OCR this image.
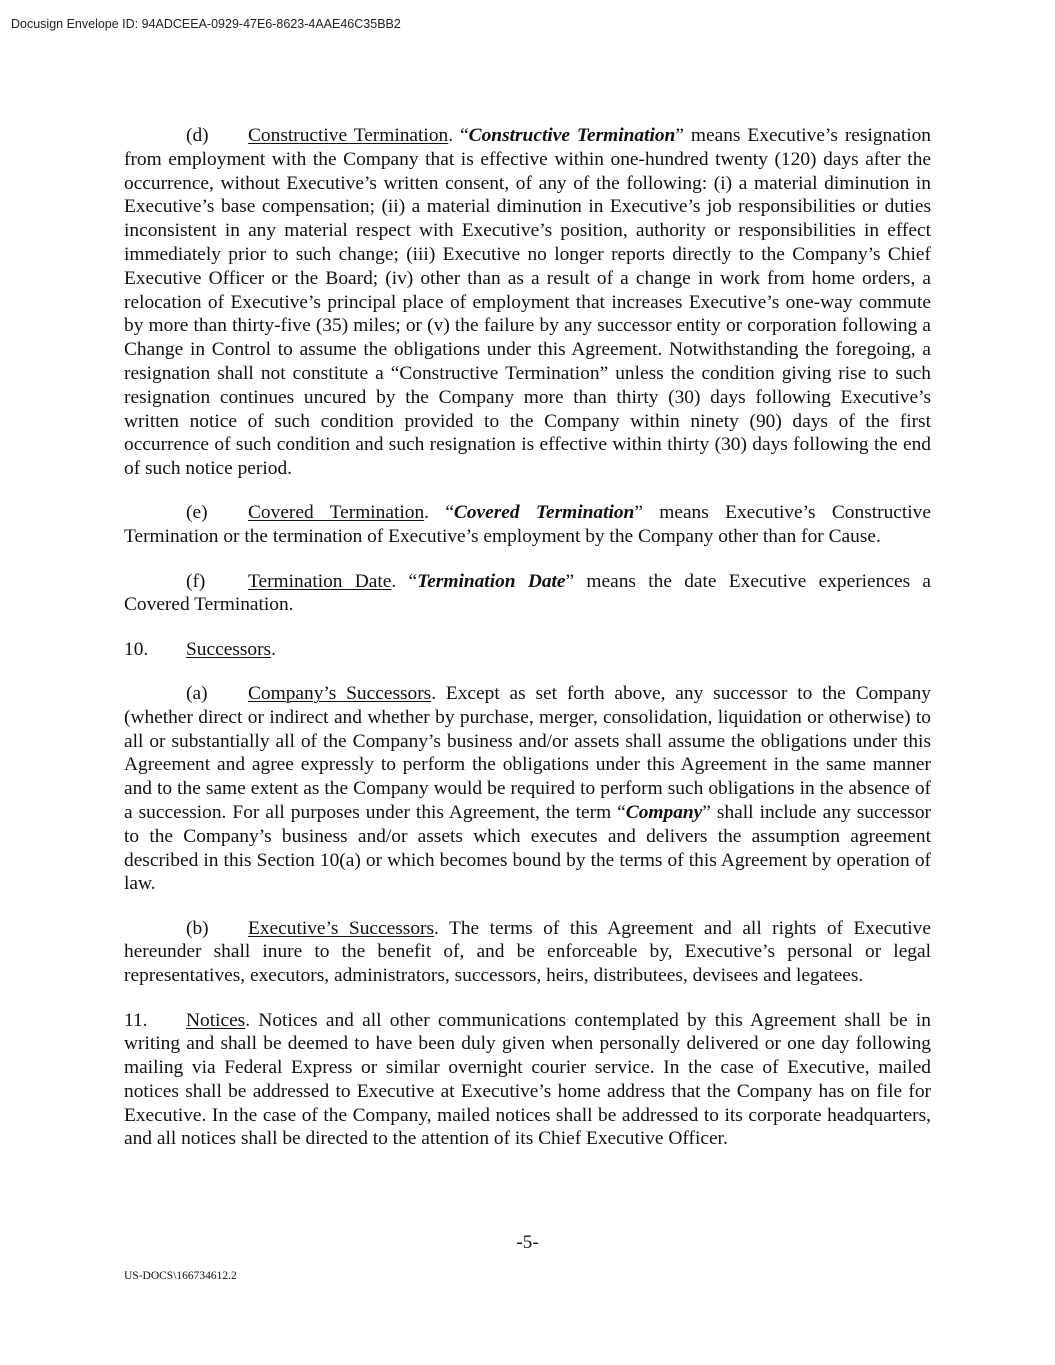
Docusign Envelope ID: 94ADCEEA-0929-47E6-8623-4AAE46C35BB2

(d) Constructive Termination. “Constructive Termination” means Executive’s resignation from employment with the Company that is effective within one-hundred twenty (120) days after the occurrence, without Executive’s written consent, of any of the following: (i) a material diminution in Executive’s base compensation; (ii) a material diminution in Executive’s job responsibilities or duties inconsistent in any material respect with Executive’s position, authority or responsibilities in effect immediately prior to such change; (iii) Executive no longer reports directly to the Company’s Chief Executive Officer or the Board; (iv) other than as a result of a change in work from home orders, a relocation of Executive’s principal place of employment that increases Executive’s one-way commute by more than thirty-five (35) miles; or (v) the failure by any successor entity or corporation following a Change in Control to assume the obligations under this Agreement. Notwithstanding the foregoing, a resignation shall not constitute a “Constructive Termination” unless the condition giving rise to such resignation continues uncured by the Company more than thirty (30) days following Executive’s written notice of such condition provided to the Company within ninety (90) days of the first occurrence of such condition and such resignation is effective within thirty (30) days following the end of such notice period.

(e) Covered Termination. “Covered Termination” means Executive’s Constructive Termination or the termination of Executive’s employment by the Company other than for Cause.

(f) Termination Date. “Termination Date” means the date Executive experiences a Covered Termination.

10. Successors.

(a) Company’s Successors. Except as set forth above, any successor to the Company (whether direct or indirect and whether by purchase, merger, consolidation, liquidation or otherwise) to all or substantially all of the Company’s business and/or assets shall assume the obligations under this Agreement and agree expressly to perform the obligations under this Agreement in the same manner and to the same extent as the Company would be required to perform such obligations in the absence of a succession. For all purposes under this Agreement, the term “Company” shall include any successor to the Company’s business and/or assets which executes and delivers the assumption agreement described in this Section 10(a) or which becomes bound by the terms of this Agreement by operation of law.

(b) Executive’s Successors. The terms of this Agreement and all rights of Executive hereunder shall inure to the benefit of, and be enforceable by, Executive’s personal or legal representatives, executors, administrators, successors, heirs, distributees, devisees and legatees.

11. Notices. Notices and all other communications contemplated by this Agreement shall be in writing and shall be deemed to have been duly given when personally delivered or one day following mailing via Federal Express or similar overnight courier service. In the case of Executive, mailed notices shall be addressed to Executive at Executive’s home address that the Company has on file for Executive. In the case of the Company, mailed notices shall be addressed to its corporate headquarters, and all notices shall be directed to the attention of its Chief Executive Officer.

-5-
US-DOCS\166734612.2
